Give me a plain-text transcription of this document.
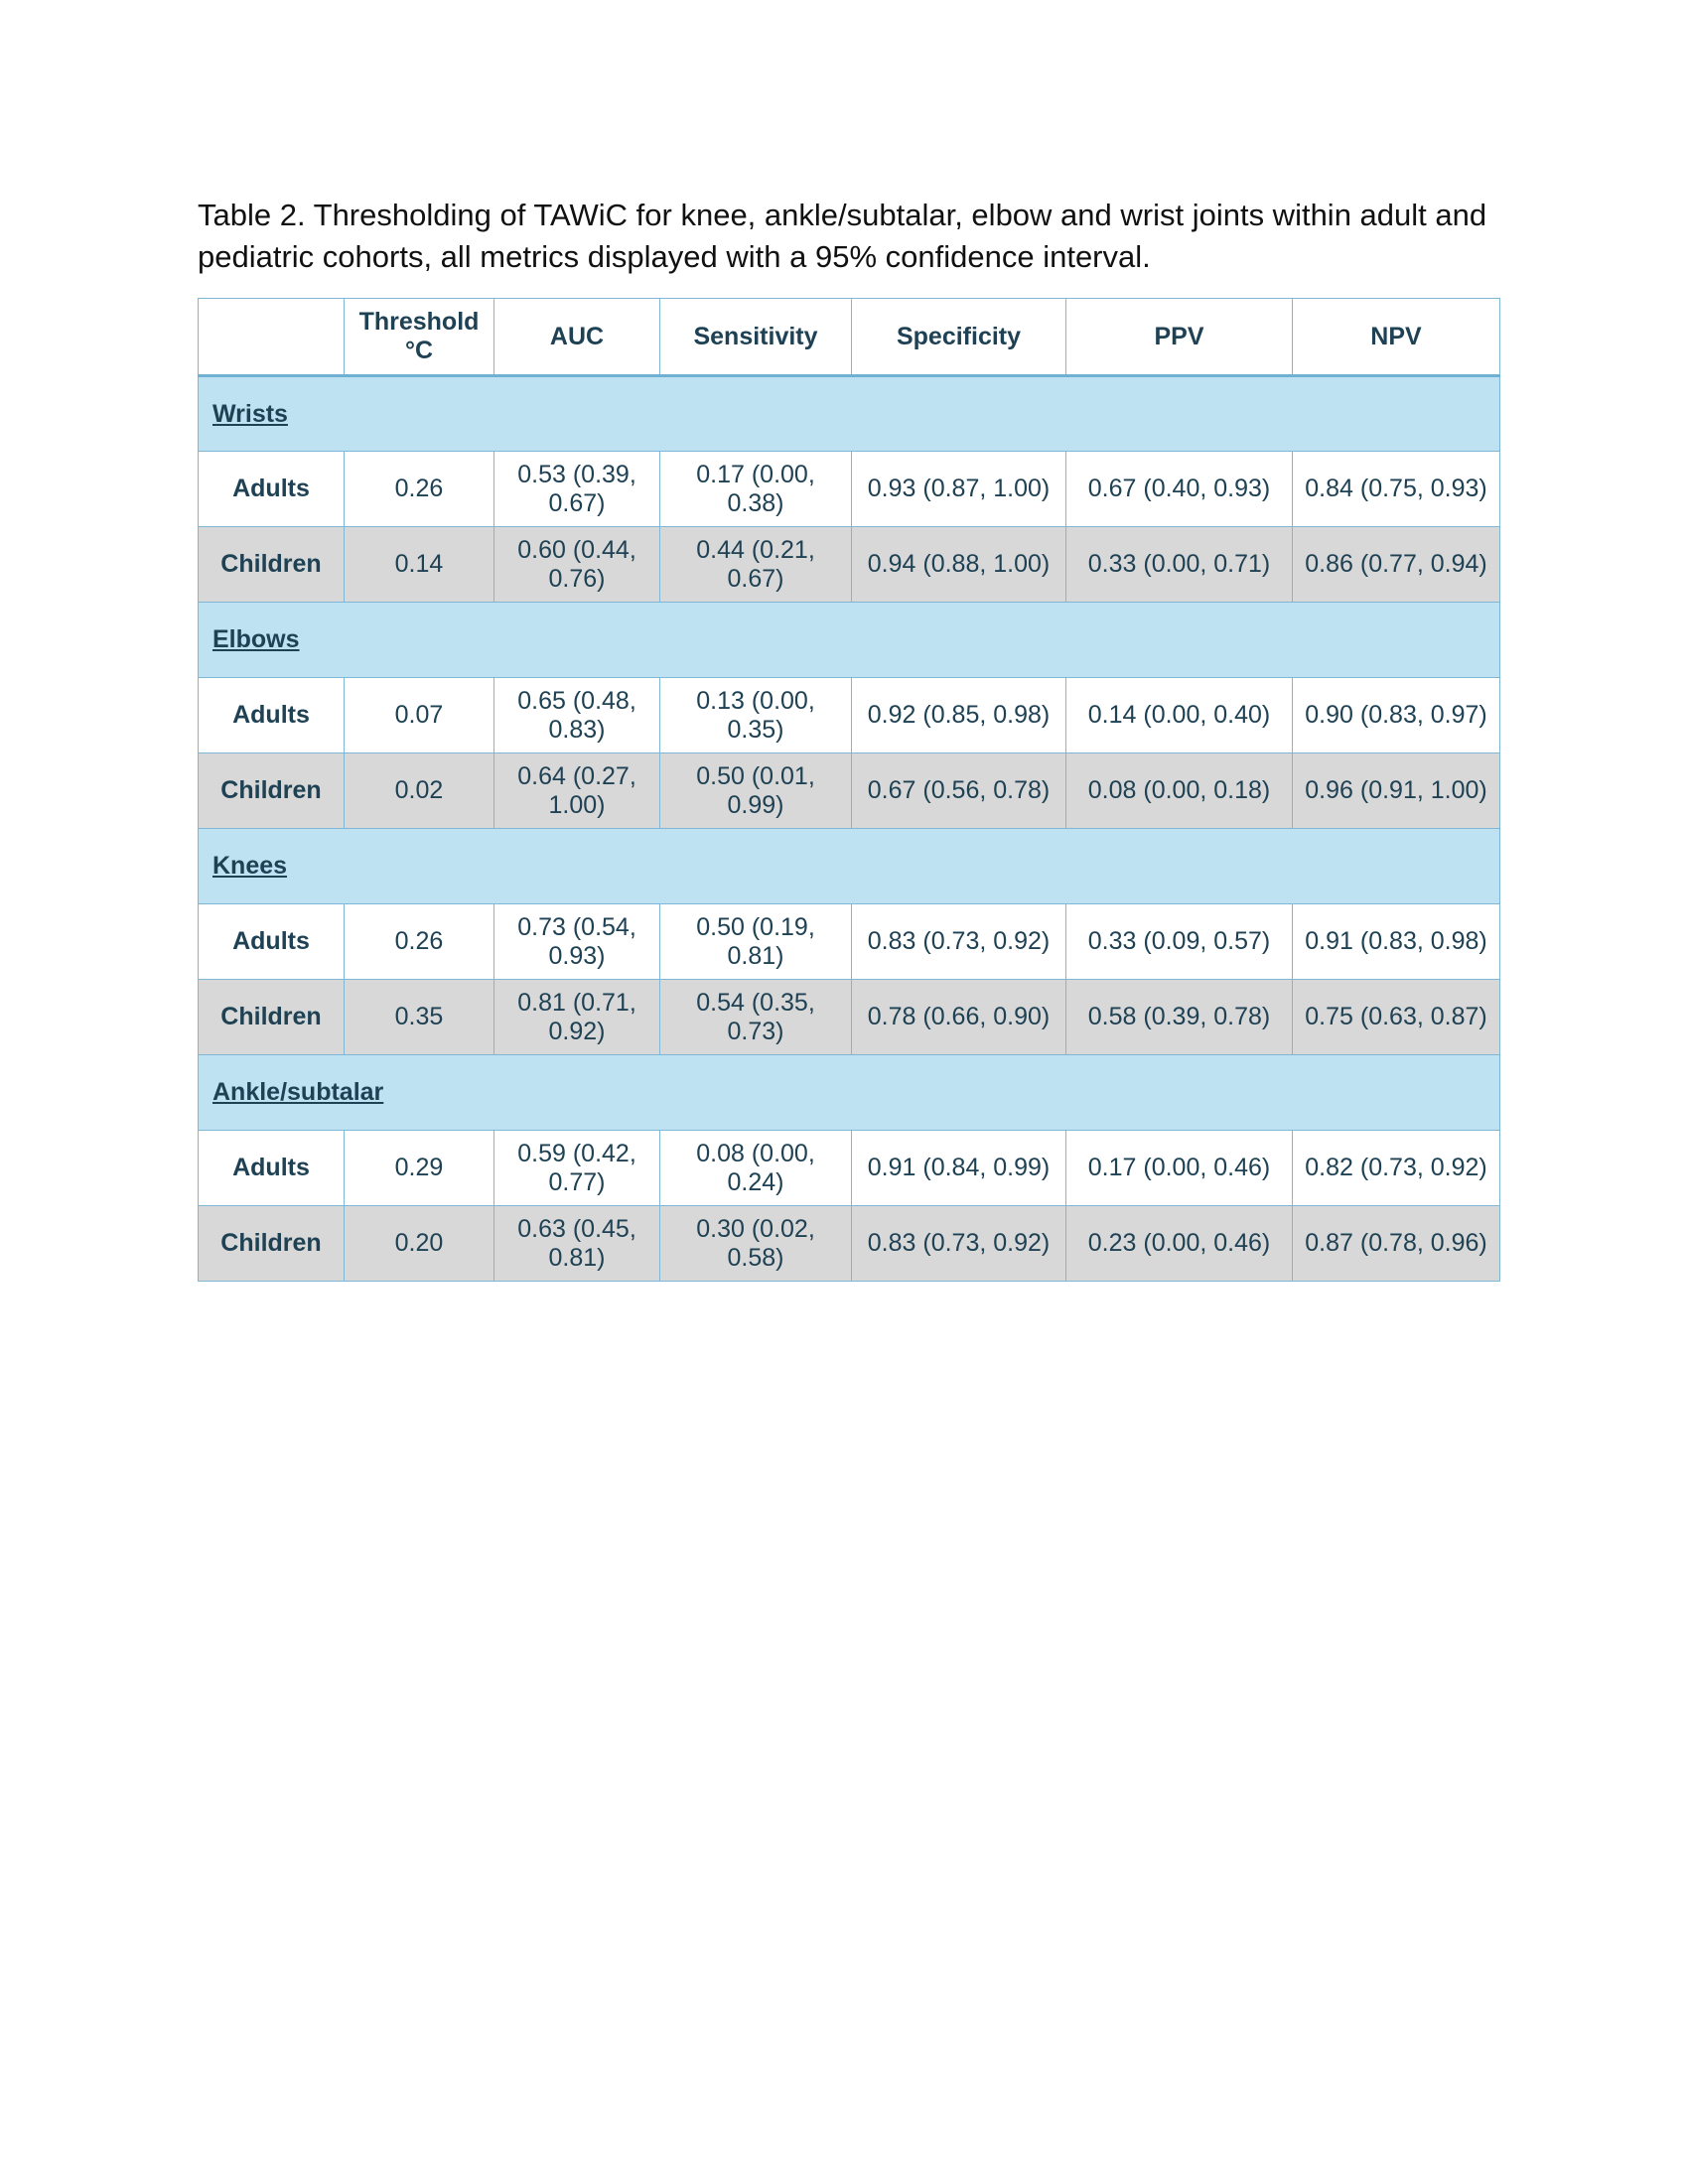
Table 2. Thresholding of TAWiC for knee, ankle/subtalar, elbow and wrist joints within adult and pediatric cohorts, all metrics displayed with a 95% confidence interval.
	Threshold °C	AUC	Sensitivity	Specificity	PPV	NPV
Wrists						
Adults	0.26	0.53 (0.39, 0.67)	0.17 (0.00, 0.38)	0.93 (0.87, 1.00)	0.67 (0.40, 0.93)	0.84 (0.75, 0.93)
Children	0.14	0.60 (0.44, 0.76)	0.44 (0.21, 0.67)	0.94 (0.88, 1.00)	0.33 (0.00, 0.71)	0.86 (0.77, 0.94)
Elbows						
Adults	0.07	0.65 (0.48, 0.83)	0.13 (0.00, 0.35)	0.92 (0.85, 0.98)	0.14 (0.00, 0.40)	0.90 (0.83, 0.97)
Children	0.02	0.64 (0.27, 1.00)	0.50 (0.01, 0.99)	0.67 (0.56, 0.78)	0.08 (0.00, 0.18)	0.96 (0.91, 1.00)
Knees						
Adults	0.26	0.73 (0.54, 0.93)	0.50 (0.19, 0.81)	0.83 (0.73, 0.92)	0.33 (0.09, 0.57)	0.91 (0.83, 0.98)
Children	0.35	0.81 (0.71, 0.92)	0.54 (0.35, 0.73)	0.78 (0.66, 0.90)	0.58 (0.39, 0.78)	0.75 (0.63, 0.87)
Ankle/subtalar						
Adults	0.29	0.59 (0.42, 0.77)	0.08 (0.00, 0.24)	0.91 (0.84, 0.99)	0.17 (0.00, 0.46)	0.82 (0.73, 0.92)
Children	0.20	0.63 (0.45, 0.81)	0.30 (0.02, 0.58)	0.83 (0.73, 0.92)	0.23 (0.00, 0.46)	0.87 (0.78, 0.96)
